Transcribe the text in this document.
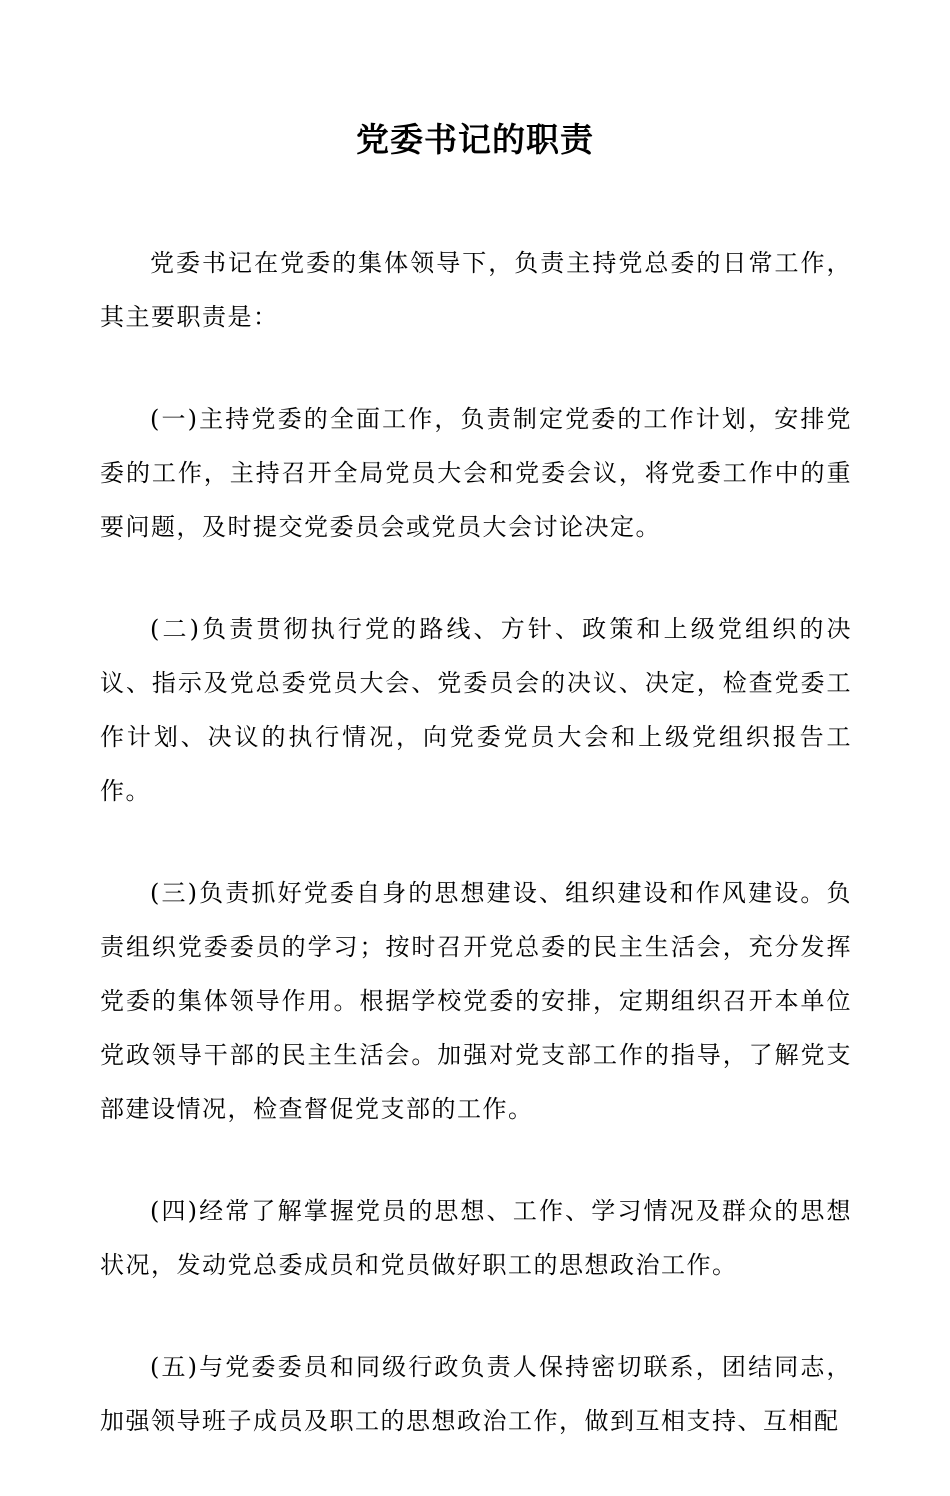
党委书记的职责

党委书记在党委的集体领导下，负责主持党总委的日常工作，其主要职责是：

(一)主持党委的全面工作，负责制定党委的工作计划，安排党委的工作，主持召开全局党员大会和党委会议，将党委工作中的重要问题，及时提交党委员会或党员大会讨论决定。

(二)负责贯彻执行党的路线、方针、政策和上级党组织的决议、指示及党总委党员大会、党委员会的决议、决定，检查党委工作计划、决议的执行情况，向党委党员大会和上级党组织报告工作。

(三)负责抓好党委自身的思想建设、组织建设和作风建设。负责组织党委委员的学习；按时召开党总委的民主生活会，充分发挥党委的集体领导作用。根据学校党委的安排，定期组织召开本单位党政领导干部的民主生活会。加强对党支部工作的指导，了解党支部建设情况，检查督促党支部的工作。

(四)经常了解掌握党员的思想、工作、学习情况及群众的思想状况，发动党总委成员和党员做好职工的思想政治工作。

(五)与党委委员和同级行政负责人保持密切联系，团结同志，加强领导班子成员及职工的思想政治工作，做到互相支持、互相配
